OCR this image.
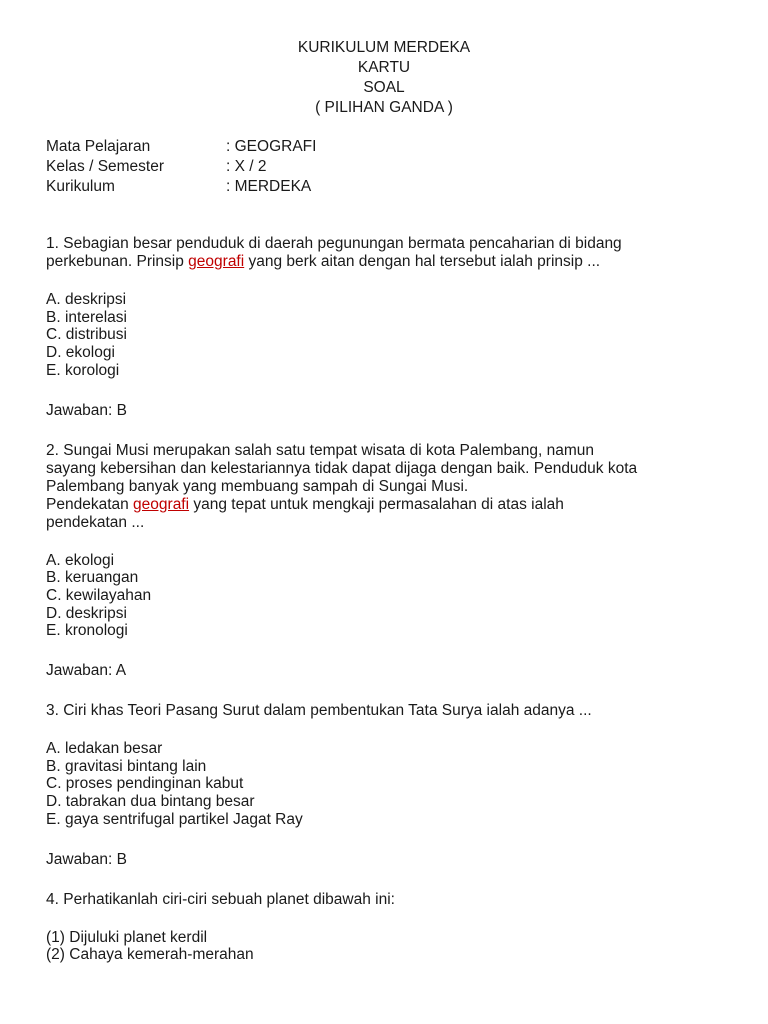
KURIKULUM MERDEKA
KARTU
SOAL
( PILIHAN GANDA )
Mata Pelajaran	: GEOGRAFI
Kelas / Semester	: X / 2
Kurikulum	: MERDEKA

1. Sebagian besar penduduk di daerah pegunungan bermata pencaharian di bidang

perkebunan. Prinsip geografi yang berk aitan dengan hal tersebut ialah prinsip ...

A. deskripsi

B. interelasi

C. distribusi

D. ekologi

E. korologi

Jawaban: B

2. Sungai Musi merupakan salah satu tempat wisata di kota Palembang, namun

sayang kebersihan dan kelestariannya tidak dapat dijaga dengan baik. Penduduk kota

Palembang banyak yang membuang sampah di Sungai Musi.

Pendekatan geografi yang tepat untuk mengkaji permasalahan di atas ialah

pendekatan ...

A. ekologi

B. keruangan

C. kewilayahan

D. deskripsi

E. kronologi

Jawaban: A

3. Ciri khas Teori Pasang Surut dalam pembentukan Tata Surya ialah adanya ...

A. ledakan besar

B. gravitasi bintang lain

C. proses pendinginan kabut

D. tabrakan dua bintang besar

E. gaya sentrifugal partikel Jagat Ray

Jawaban: B

4. Perhatikanlah ciri-ciri sebuah planet dibawah ini:

(1) Dijuluki planet kerdil

(2) Cahaya kemerah-merahan
